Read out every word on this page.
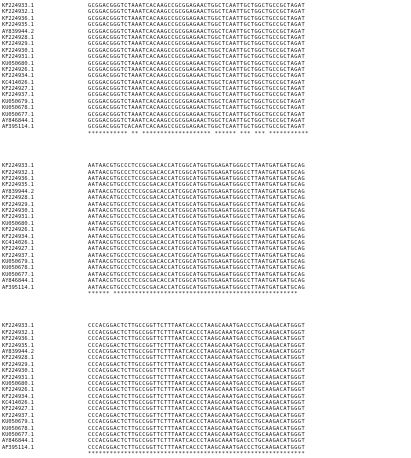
KF224933.1	GCGGACGGGTCTAAATCACAAGCCGCGGAGAACTGGCTCAATTGCTGGCTGCCGCTAGAT
KF224932.1	GCGGACGGGTCTAAATCACAAGCCGCGGAGAACTGGCTCAATTGCTGGCTGCCGCTAGAT
KF224936.1	GCGGACGGGTCTAAATCACAAGCCGCGGAGAACTGGCTCAATTGCTGGCTGCCGCTAGAT
KF224935.1	GCGGACGGGTCTAAATCACAAGCCGCGGAGAACTGGCTCAATTGCTGGCTGCCGCTAGAT
AY839944.2	GCGGACGGGTCTAAATCACAAGCCGCGGAGAACTGGCTCAATTGCTGGCTGCCGCTAGAT
KF224928.1	GCGGACGGGTCTAAATCACAAGCCGCGGAGAACTGGCTCAATTGCTGGCTGCCGCTAGAT
KF224929.1	GCGGACGGGTCTAAATCACAAGCCGCGGAGAACTGGCTCAATTGCTGGCTGCCGCTAGAT
KF224930.1	GCGGACGGGTCTAAATCACAAGCCGCGGAGAACTGGCTCAATTGCTGGCTGCCGCTAGAT
KF224931.1	GCGGACGGGTCTAAATCACAAGCCGCGGAGAACTGGCTCAATTGCTGGCTGCCGCTAGAT
KU050680.1	GCGGACGGGTCTAAATCACAAGCCGCGGAGAACTGGCTCAATTGCTGGCTGCCGCTAGAT
KF224926.1	GCGGACGGGTCTAAATCACAAGCCGCGGAGAACTGGCTCAATTGCTGGCTGCCGCTAGAT
KF224934.1	GCGGACGGGTCTAAATCACAAGCCGCGGAGAACTGGCTCAATTGCTGGCTGCCGCTAGAT
KC414026.1	GCGGACGGGTCTAAATCACAAGCCGCGGAGAACTGGCTCAATTGCTGGCTGCCGCTAGAT
KF224927.1	GCGGACGGGTCTAAATCACAAGCCGCGGAGAACTGGCTCAATTGCTGGCTGCCGCTAGAT
KF224937.1	GCGGACGGGTCTAAATCACAAGCCGCGGAGAACTGGCTCAATTGCTGGCTGCCGCTAGAT
KU050679.1	GCGGACGGGTCTAAATCACAAGCCGCGGAGAACTGGCTCAATTGCTGGCTGCCGCTAGAT
KU050678.1	GCGGACGGGTCTAAATCACAAGCCGCGGAGAACTGGCTCAATTGCTGGCTGCCGCTAGAT
KU050677.1	GCGGACGGGTCTAAATCACAAGCCGCGGAGAACTGGCTCAATTGCTGGCTGCCGCTAGAT
AY846844.1	GCGGACGGGTCTAAATCACAAGCCGCGGAGAACTGGCTCAATTGCTGGCTGCCGCTAGAT
AF395114.1	GCGGACGGGTCACAATCACAAGCCGCGGAGAACTGGCTCAATTGCTGGCTGCCGCTAGAT
*********** ** ******************* ****** *** *** ***********
KF224933.1	AATAACGTGCCCTCCGCGACACCATCGGCATGGTGGAGATGGGCCTTAATGATGATGCAG
KF224932.1	AATAACGTGCCCTCCGCGACACCATCGGCATGGTGGAGATGGGCCTTAATGATGATGCAG
KF224936.1	AATAACGTGCCCTCCGCGACACCATCGGCATGGTGGAGATGGGCCTTAATGATGATGCAG
KF224935.1	AATAACGTGCCCTCCGCGACACCATCGGCATGGTGGAGATGGGCCTTAATGATGATGCAG
AY839944.2	AATAACGTGCCCTCCGCGACACCATCGGCATGGTGGAGATGGGCCTTAATGATGATGCAG
KF224928.1	AATAACATGCCCTCCGCGACACCATCGGCATGGTGGAGATGGGCCTTAATGATGATGCAG
KF224929.1	AATAACGTGCCCTCCGCGACACCATCGGCATGGTGGAGATGGGCCTTAATGATGATGCAG
KF224930.1	AATAACGTGCCCTCCGCGACACCATCGGCATGGTGGAGATGGGCCTTAATGATGATGCAG
KF224931.1	AATAACGTGCCCTCCGCGACACCATCGGCATGGTGGAGATGGGCCTTAATGATGATGCAG
KU050680.1	AATAACGTGCCCTCCGCGACACCATCGGCATGGTGGAGATGGGCCTTAATGATGATGCAG
KF224926.1	AATAACGTGCCCTCCGCGACACCATCGGCATGGTGGAGATGGGCCTTAATGATGATGCAG
KF224934.1	AATAACGTGCCCTCCGCGACACCATCGGCATGGTGGAGATGGGCCTTAATGATGATGCAG
KC414026.1	AATAACGTGCCCTCCGCGACACCATCGGCATGGTGGAGATGGGCCTTAATGATGATGCAG
KF224927.1	AATAACGTGCCCTCCGCGACACCATCGGCATGGTGGAGATGGGCCTTAATGATGATGCAG
KF224937.1	AATAACGTGCCCTCCGCGACACCATCGGCATGGTGGAGATGGGCCTTAATGATGATGCAG
KU050679.1	AATAACGTGCCCTCCGCGACACCATCGGCATGGTGGAGATGGGCCTTAATGATGATGCAG
KU050678.1	AATAACGTGCCCTCCGCGACACCATCGGCATGGTGGAGATGGGCCTTAATGATGATGCAG
KU050677.1	AATAACGTGCCCTCCGCGACACCATCGGCATGGTGGAGATGGGCCTTAATGATGATGCAG
AY846844.1	AATAACGTGCCCTCCGCGACACCATCGGCATGGTGGAGATGGGCCTTAATGATGATGCAG
AF395114.1	AATAACGTGCCCTCCGCGACACCATCGGCATGGTGGAGATGGGCCTTAATGATGATGCAG
****** ***************************************************
KF224933.1	CCCACGGACTCTTGCCGGTTCTTTAATCACCCTAAGCAAATGACCCTGCAAGACATGGGT
KF224932.1	CCCACGGACTCTTGCCGGTTCTTTAATCACCCTAAGCAAATGACCCTGCAAGACATGGGT
KF224936.1	CCCACGGACTCTTGCCGGTTCTTTAATCACCCTAAGCAAATGACCCTGCAAGACATGGGT
KF224935.1	CCCACGGACTCTTGCCGGTTCTTTAATCACCCTAAGCAAATGACCCTGCAAGACATGGGT
AY839944.2	CCCACGGACTCTTGCCGGTTCTTTAATCACCCTAAGCAAATGACCCTGCAAGACATGGGT
KF224928.1	CCCACGGACTCTTGCCGGTTCTTTAATCACCCTAAGCAAATGACCCTGCAAGACATGGGT
KF224929.1	CCCACGGACTCTTGCCGGTTCTTTAATCACCCTAAGCAAATGACCCTGCAAGACATGGGT
KF224930.1	CCCACGGACTCTTGCCGGTTCTTTAATCACCCTAAGCAAATGACCCTGCAAGACATGGGT
KF224931.1	CCCACGGACTCTTGCCGGTTCTTTAATCACCCTAAGCAAATGACCCTGCAAGACATGGGT
KU050680.1	CCCACGGACTCTTGCCGGTTCTTTAATCACCCTAAGCAAATGACCCTGCAAGACATGGGT
KF224926.1	CCCACGGACTCTTGCCGGTTCTTTAATCACCCTAAGCAAATGACCCTGCAAGACATGGGT
KF224934.1	CCCACGGACTCTTGCCGGTTCTTTAATCACCCTAAGCAAATGACCCTGCAAGACATGGGT
KC414026.1	CCCACGGACTCTTGCCGGTTCTTTAATCACCCTAAGCAAATGACCCTGCAAGACATGGGT
KF224927.1	CCCACGGACTCTTGCCGGTTCTTTAATCACCCTAAGCAAATGACCCTGCAAGACATGGGT
KF224937.1	CCCACGGACTCTTGCCGGTTCTTTAATCACCCTAAGCAAATGACCCTGCAAGACATGGGT
KU050679.1	CCCACGGACTCTTGCCGGTTCTTTAATCACCCTAAGCAAATGACCCTGCAAGACATGGGT
KU050678.1	CCCACGGACTCTTGCCGGTTCTTTAATCACCCTAAGCAAATGACCCTGCAAGACATGGGT
KU050677.1	CCCACGGACTCTTGCCGGTTCTTTAATCACCCTAAGCAAATGACCCTGCAAGACATGGGT
AY846844.1	CCCACGGACTCTTGCCGGTTCTTTAATCACCCTAAGCAAATGACCCTGCAAGACATGGGT
AF395114.1	CCCACGGACTCTTGCCGGTTCTTTAATCACCCTAAGCAAATGACCCTGCAAGACATGGGT
************************************************************
